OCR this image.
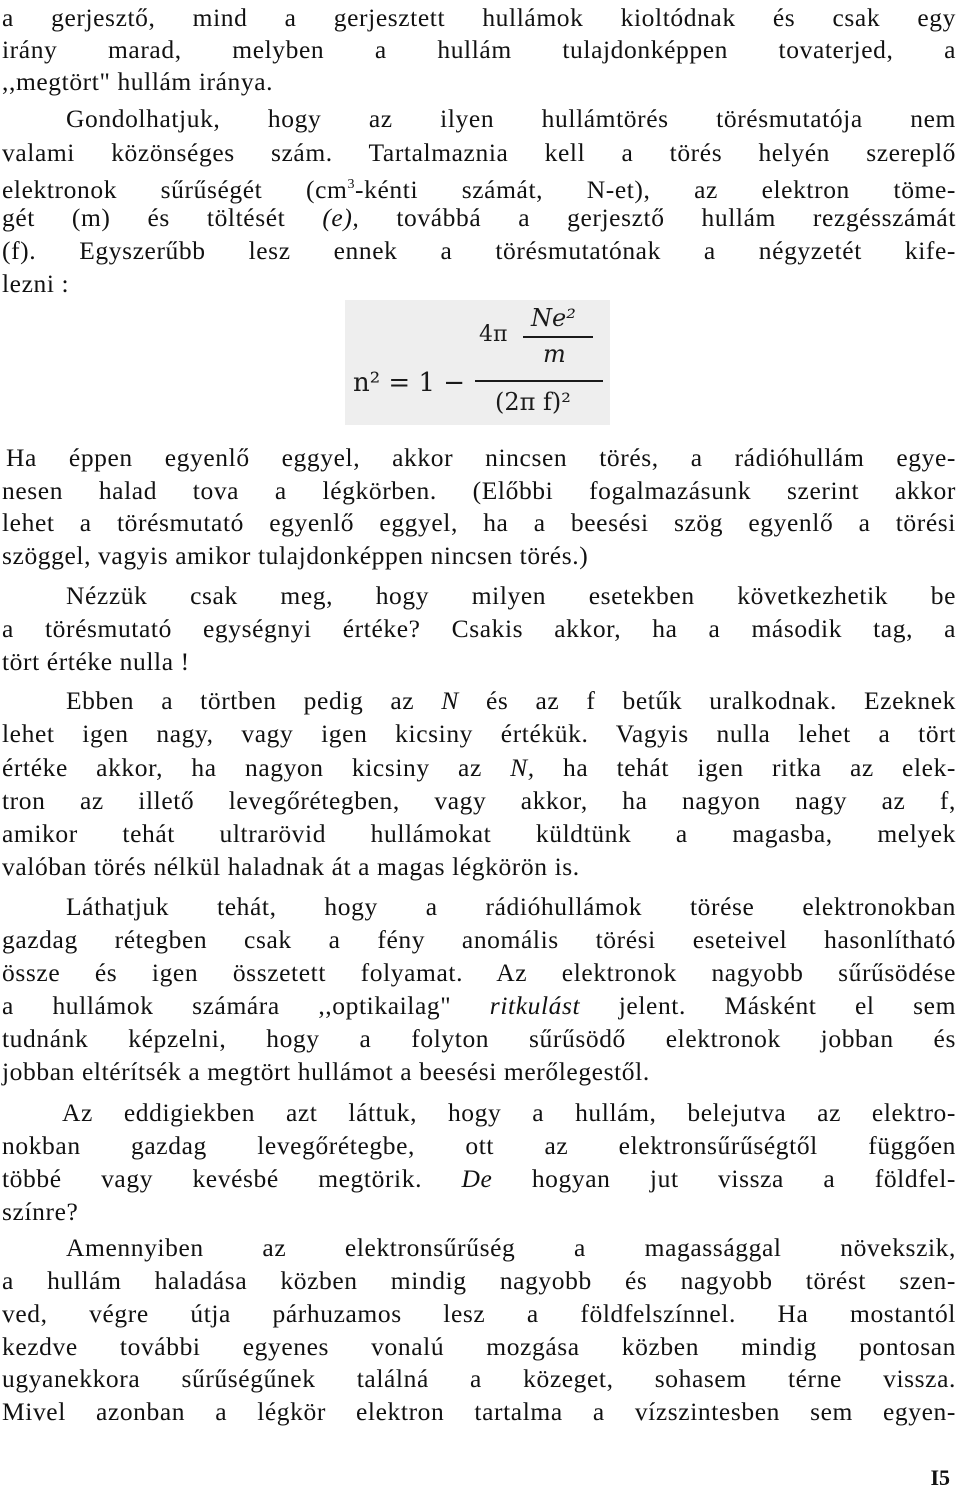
a gerjesztő, mind a gerjesztett hullámok kioltódnak és csak egy
irány marad, melyben a hullám tulajdonképpen tovaterjed, a
,,megtört" hullám iránya.
Gondolhatjuk, hogy az ilyen hullámtörés törésmutatója nem
valami közönséges szám. Tartalmaznia kell a törés helyén szereplő
elektronok sűrűségét ($cm^3$-kénti számát, N-et), az elektron töme-
gét (m) és töltését (e), továbbá a gerjesztő hullám rezgésszámát
(f). Egyszerűbb lesz ennek a törésmutatónak a négyzetét kife-
lezni :
n² = 1 −
4π
Ne²
m
(2π f)²
Ha éppen egyenlő eggyel, akkor nincsen törés, a rádióhullám egye-
nesen halad tova a légkörben. (Előbbi fogalmazásunk szerint akkor
lehet a törésmutató egyenlő eggyel, ha a beesési szög egyenlő a törési
szöggel, vagyis amikor tulajdonképpen nincsen törés.)
Nézzük csak meg, hogy milyen esetekben következhetik be
a törésmutató egységnyi értéke? Csakis akkor, ha a második tag, a
tört értéke nulla !
Ebben a törtben pedig az N és az f betűk uralkodnak. Ezeknek
lehet igen nagy, vagy igen kicsiny értékük. Vagyis nulla lehet a tört
értéke akkor, ha nagyon kicsiny az N, ha tehát igen ritka az elek-
tron az illető levegőrétegben, vagy akkor, ha nagyon nagy az f,
amikor tehát ultrarövid hullámokat küldtünk a magasba, melyek
valóban törés nélkül haladnak át a magas légkörön is.
Láthatjuk tehát, hogy a rádióhullámok törése elektronokban
gazdag rétegben csak a fény anomális törési eseteivel hasonlítható
össze és igen összetett folyamat. Az elektronok nagyobb sűrűsödése
a hullámok számára ,,optikailag" ritkulást jelent. Másként el sem
tudnánk képzelni, hogy a folyton sűrűsödő elektronok jobban és
jobban eltérítsék a megtört hullámot a beesési merőlegestől.
Az eddigiekben azt láttuk, hogy a hullám, belejutva az elektro-
nokban gazdag levegőrétegbe, ott az elektronsűrűségtől függően
többé vagy kevésbé megtörik. De hogyan jut vissza a földfel-
színre?
Amennyiben az elektronsűrűség a magassággal növekszik,
a hullám haladása közben mindig nagyobb és nagyobb törést szen-
ved, végre útja párhuzamos lesz a földfelszínnel. Ha mostantól
kezdve további egyenes vonalú mozgása közben mindig pontosan
ugyanekkora sűrűségűnek találná a közeget, sohasem térne vissza.
Mivel azonban a légkör elektron tartalma a vízszintesben sem egyen-
I5
